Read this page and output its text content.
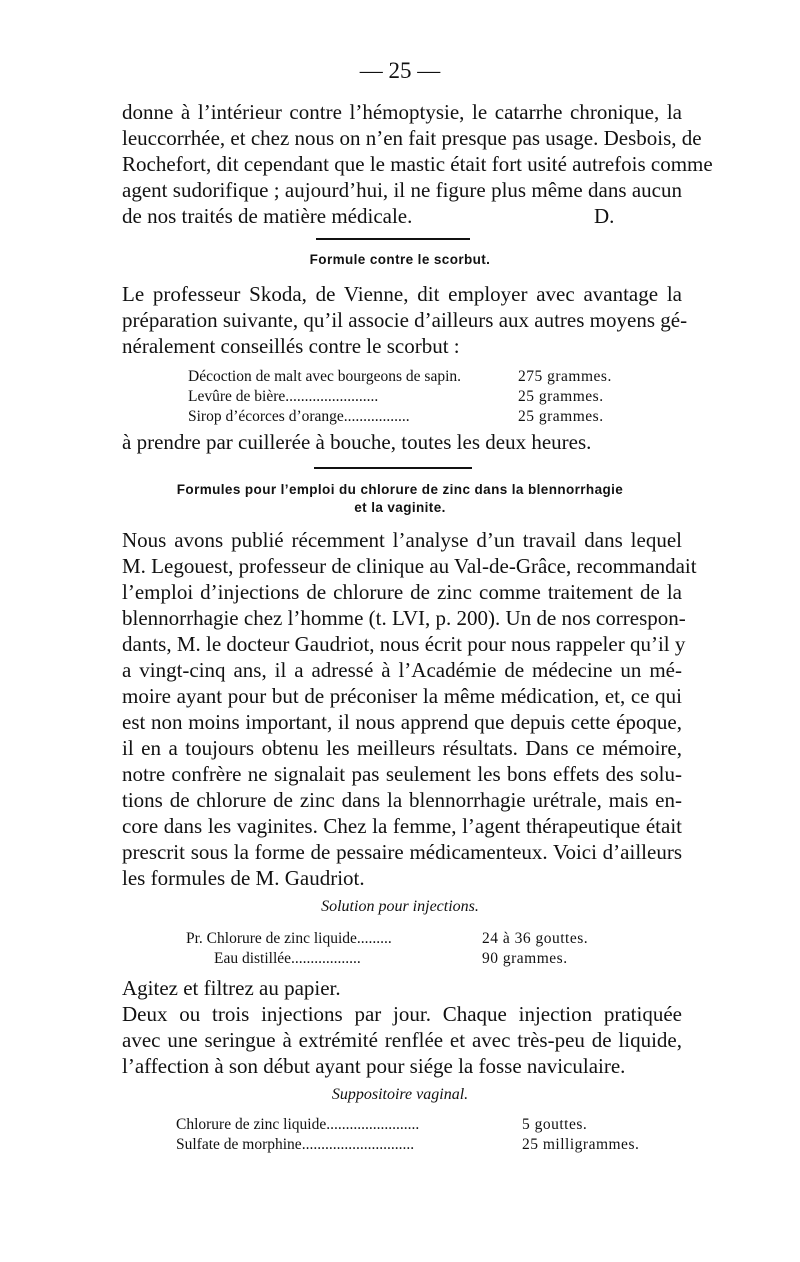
— 25 —
donne à l’intérieur contre l’hémoptysie, le catarrhe chronique, la
leuccorrhée, et chez nous on n’en fait presque pas usage. Desbois, de
Rochefort, dit cependant que le mastic était fort usité autrefois comme
agent sudorifique ; aujourd’hui, il ne figure plus même dans aucun
de nos traités de matière médicale.	D.
Formule contre le scorbut.
Le professeur Skoda, de Vienne, dit employer avec avantage la
préparation suivante, qu’il associe d’ailleurs aux autres moyens gé-
néralement conseillés contre le scorbut :
Décoction de malt avec bourgeons de sapin.	275 grammes.
Levûre de bière........................	25 grammes.
Sirop d’écorces d’orange.................	25 grammes.
à prendre par cuillerée à bouche, toutes les deux heures.
Formules pour l’emploi du chlorure de zinc dans la blennorrhagie
et la vaginite.
Nous avons publié récemment l’analyse d’un travail dans lequel
M. Legouest, professeur de clinique au Val-de-Grâce, recommandait
l’emploi d’injections de chlorure de zinc comme traitement de la
blennorrhagie chez l’homme (t. LVI, p. 200). Un de nos correspon-
dants, M. le docteur Gaudriot, nous écrit pour nous rappeler qu’il y
a vingt-cinq ans, il a adressé à l’Académie de médecine un mé-
moire ayant pour but de préconiser la même médication, et, ce qui
est non moins important, il nous apprend que depuis cette époque,
il en a toujours obtenu les meilleurs résultats. Dans ce mémoire,
notre confrère ne signalait pas seulement les bons effets des solu-
tions de chlorure de zinc dans la blennorrhagie urétrale, mais en-
core dans les vaginites. Chez la femme, l’agent thérapeutique était
prescrit sous la forme de pessaire médicamenteux. Voici d’ailleurs
les formules de M. Gaudriot.
Solution pour injections.
Pr. Chlorure de zinc liquide.........	24 à 36 gouttes.
Eau distillée..................	90 grammes.
Agitez et filtrez au papier.
Deux ou trois injections par jour. Chaque injection pratiquée
avec une seringue à extrémité renflée et avec très-peu de liquide,
l’affection à son début ayant pour siége la fosse naviculaire.
Suppositoire vaginal.
Chlorure de zinc liquide........................	5 gouttes.
Sulfate de morphine.............................	25 milligrammes.
